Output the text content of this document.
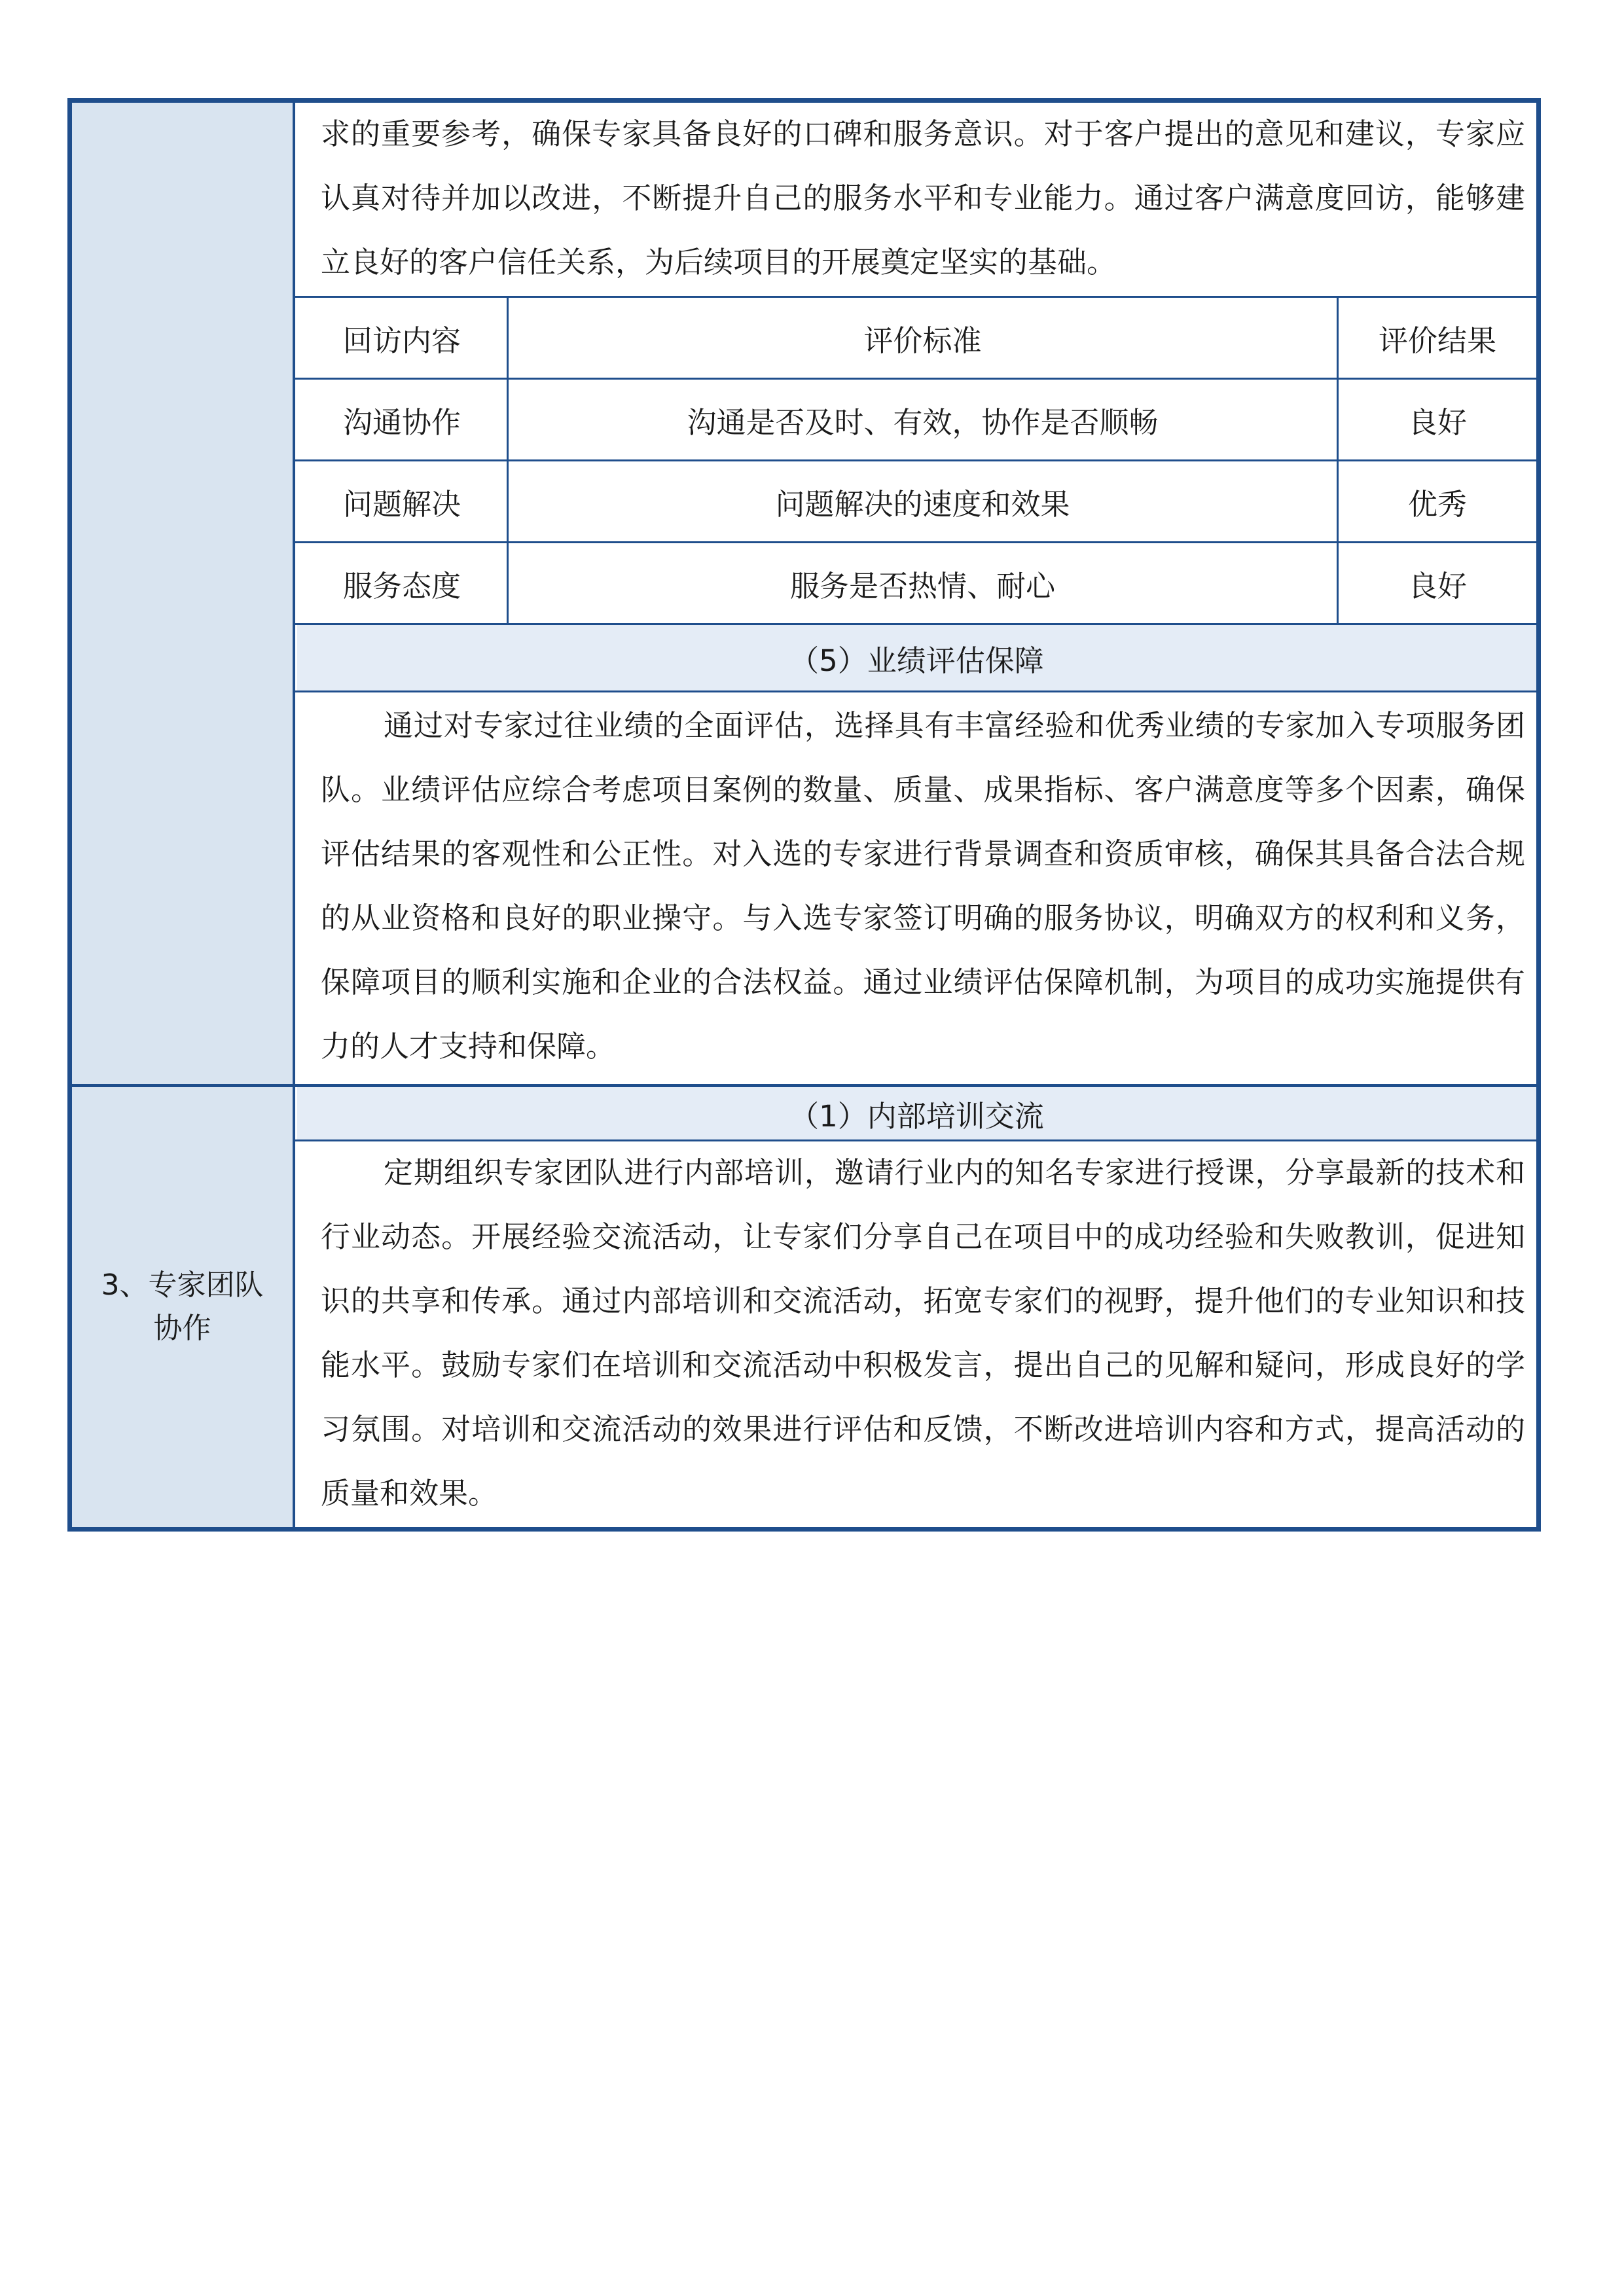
3、专家团队协作
求的重要参考，确保专家具备良好的口碑和服务意识。对于客户提出的意见和建议，专家应认真对待并加以改进，不断提升自己的服务水平和专业能力。通过客户满意度回访，能够建立良好的客户信任关系，为后续项目的开展奠定坚实的基础。
回访内容	评价标准	评价结果
沟通协作	沟通是否及时、有效，协作是否顺畅	良好
问题解决	问题解决的速度和效果	优秀
服务态度	服务是否热情、耐心	良好
（5）业绩评估保障
通过对专家过往业绩的全面评估，选择具有丰富经验和优秀业绩的专家加入专项服务团队。业绩评估应综合考虑项目案例的数量、质量、成果指标、客户满意度等多个因素，确保评估结果的客观性和公正性。对入选的专家进行背景调查和资质审核，确保其具备合法合规的从业资格和良好的职业操守。与入选专家签订明确的服务协议，明确双方的权利和义务，保障项目的顺利实施和企业的合法权益。通过业绩评估保障机制，为项目的成功实施提供有力的人才支持和保障。
（1）内部培训交流
定期组织专家团队进行内部培训，邀请行业内的知名专家进行授课，分享最新的技术和行业动态。开展经验交流活动，让专家们分享自己在项目中的成功经验和失败教训，促进知识的共享和传承。通过内部培训和交流活动，拓宽专家们的视野，提升他们的专业知识和技能水平。鼓励专家们在培训和交流活动中积极发言，提出自己的见解和疑问，形成良好的学习氛围。对培训和交流活动的效果进行评估和反馈，不断改进培训内容和方式，提高活动的质量和效果。
